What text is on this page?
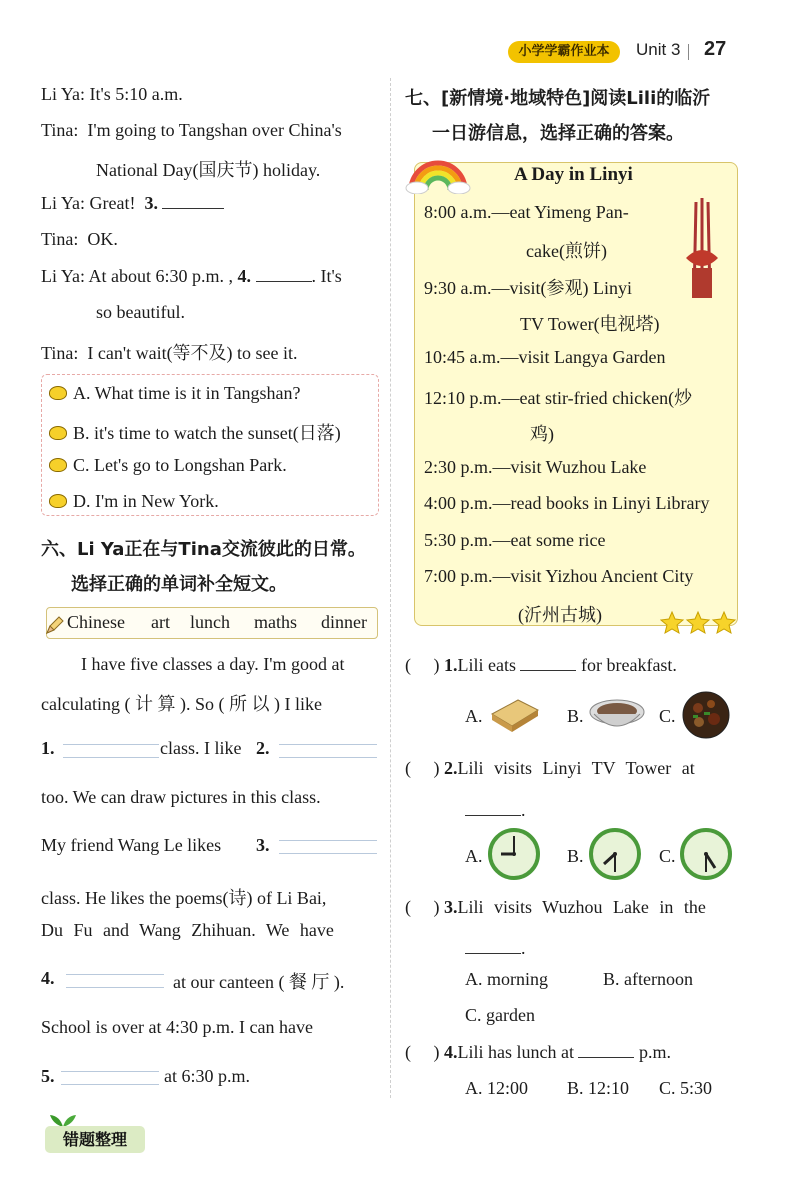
小学学霸作业本	Unit 3 27
Li Ya: It's 5:10 a.m.
Tina: I'm going to Tangshan over China's
National Day(国庆节) holiday.
Li Ya: Great! 3.
Tina: OK.
Li Ya: At about 6:30 p.m. , 4.	. It's
so beautiful.
Tina: I can't wait(等不及) to see it.
A. What time is it in Tangshan?
B. it's time to watch the sunset(日落)
C. Let's go to Longshan Park.
D. I'm in New York.
六、Li Ya正在与Tina交流彼此的日常。
选择正确的单词补全短文。
Chinese art lunch maths dinner
I have five classes a day. I'm good at
calculating ( 计 算 ). So ( 所 以 ) I like
1.	class. I like 2.
too. We can draw pictures in this class.
My friend Wang Le likes 3.
class. He likes the poems(诗) of Li Bai,
Du Fu and Wang Zhihuan. We have
4.	at our canteen ( 餐 厅 ).
School is over at 4:30 p.m. I can have
5.	at 6:30 p.m.
七、[新情境·地域特色]阅读Lili的临沂
一日游信息，选择正确的答案。
A Day in Linyi
8:00 a.m.—eat Yimeng Pan-
cake(煎饼)
9:30 a.m.—visit(参观) Linyi
TV Tower(电视塔)
10:45 a.m.—visit Langya Garden
12:10 p.m.—eat stir-fried chicken(炒
鸡)
2:30 p.m.—visit Wuzhou Lake
4:00 p.m.—read books in Linyi Library
5:30 p.m.—eat some rice
7:00 p.m.—visit Yizhou Ancient City
(沂州古城)
(     ) 1.Lili eats	for breakfast.
A.	B.	C.
(     ) 2.Lili visits Linyi TV Tower at
.
A.	B.	C.
(     ) 3.Lili visits Wuzhou Lake in the
.
A. morning	B. afternoon
C. garden
(     ) 4.Lili has lunch at	p.m.
A. 12:00 B. 12:10 C. 5:30
错题整理
